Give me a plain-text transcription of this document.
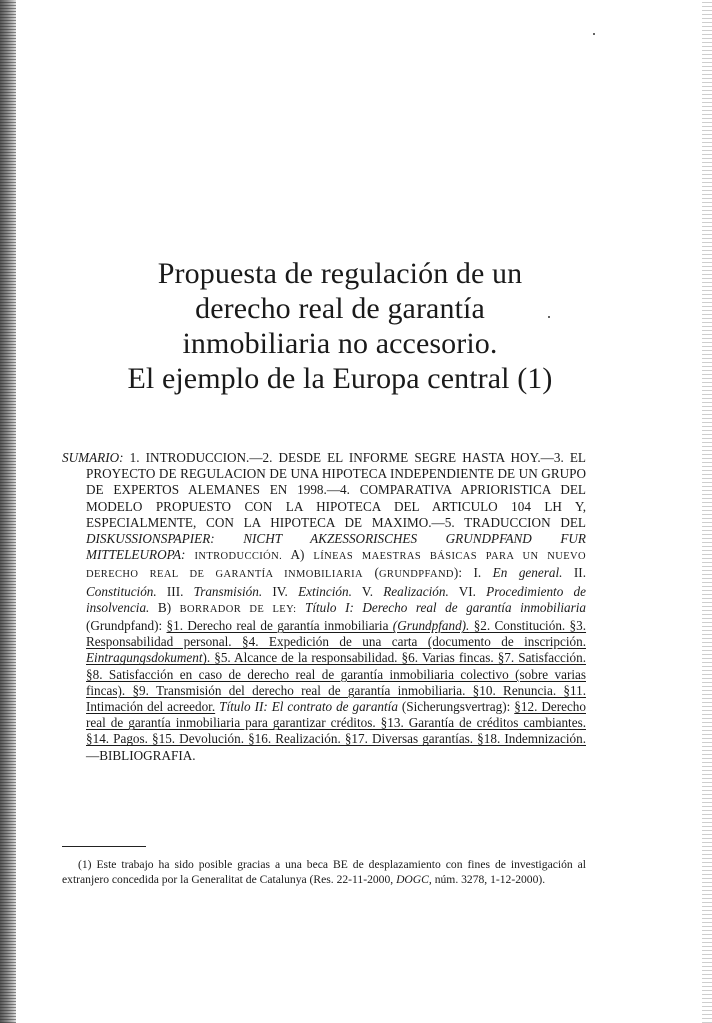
Propuesta de regulación de un
derecho real de garantía
inmobiliaria no accesorio.
El ejemplo de la Europa central (1)

SUMARIO: 1. INTRODUCCION.—2. DESDE EL INFORME SEGRE HASTA HOY.—3. EL PROYECTO DE REGULACION DE UNA HIPOTECA INDEPENDIENTE DE UN GRUPO DE EXPERTOS ALEMANES EN 1998.—4. COMPARATIVA APRIORISTICA DEL MODELO PROPUESTO CON LA HIPOTECA DEL ARTICULO 104 LH Y, ESPECIALMENTE, CON LA HIPOTECA DE MAXIMO.—5. TRADUCCION DEL DISKUSSIONSPAPIER: NICHT AKZESSORISCHES GRUNDPFAND FUR MITTELEUROPA: INTRODUCCIÓN. A) LÍNEAS MAESTRAS BÁSICAS PARA UN NUEVO DERECHO REAL DE GARANTÍA INMOBILIARIA (GRUNDPFAND): I. En general. II. Constitución. III. Transmisión. IV. Extinción. V. Realización. VI. Procedimiento de insolvencia. B) BORRADOR DE LEY: Título I: Derecho real de garantía inmobiliaria (Grundpfand): §1. Derecho real de garantía inmobiliaria (Grundpfand). §2. Constitución. §3. Responsabilidad personal. §4. Expedición de una carta (documento de inscripción. Eintragungsdokument). §5. Alcance de la responsabilidad. §6. Varias fincas. §7. Satisfacción. §8. Satisfacción en caso de derecho real de garantía inmobiliaria colectivo (sobre varias fincas). §9. Transmisión del derecho real de garantía inmobiliaria. §10. Renuncia. §11. Intimación del acreedor. Título II: El contrato de garantía (Sicherungsvertrag): §12. Derecho real de garantía inmobiliaria para garantizar créditos. §13. Garantía de créditos cambiantes. §14. Pagos. §15. Devolución. §16. Realización. §17. Diversas garantías. §18. Indemnización.—BIBLIOGRAFIA.

(1) Este trabajo ha sido posible gracias a una beca BE de desplazamiento con fines de investigación al extranjero concedida por la Generalitat de Catalunya (Res. 22-11-2000, DOGC, núm. 3278, 1-12-2000).
